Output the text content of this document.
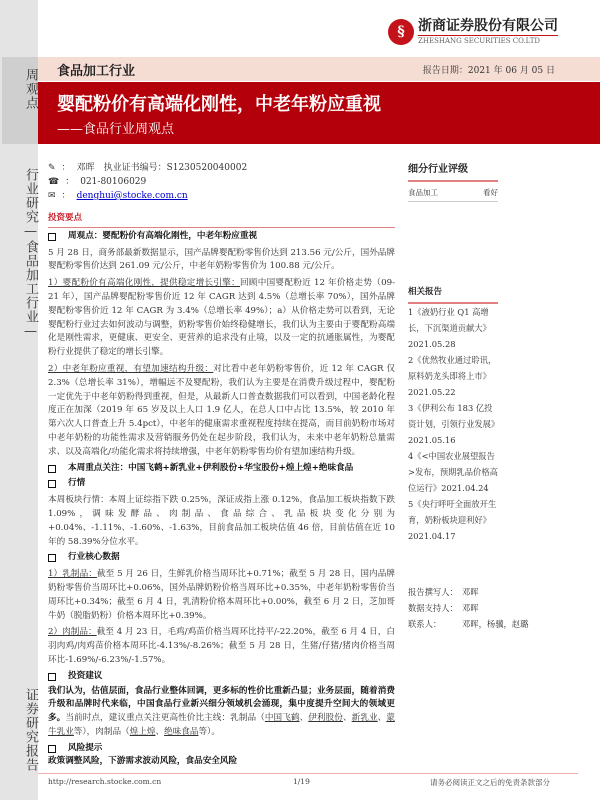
周观点
行业研究—食品加工行业—
证券研究报告
§ 浙商证券股份有限公司
ZHESHANG SECURITIES CO.LTD
食品加工行业	报告日期：2021 年 06 月 05 日
婴配粉价有高端化刚性，中老年粉应重视
——食品行业周观点
✎ ： 邓晖　执业证书编号：S1230520040002
☎ ： 021-80106029
✉ ： denghui@stocke.com.cn
投资要点
周观点：婴配粉价有高端化刚性，中老年粉应重视

5 月 28 日，商务部最新数据显示，国产品牌婴配粉零售价达到 213.56 元/公斤，国外品牌婴配粉零售价达到 261.09 元/公斤，中老年奶粉零售价为 100.88 元/公斤。

1）婴配粉价有高端化刚性，提供稳定增长引擎：回顾中国婴配粉近 12 年价格走势（09-21 年），国产品牌婴配粉零售价近 12 年 CAGR 达到 4.5%（总增长率 70%），国外品牌婴配粉零售价近 12 年 CAGR 为 3.4%（总增长率 49%）；a）从价格走势可以看到，无论婴配粉行业过去如何波动与调整，奶粉零售价始终稳健增长，我们认为主要由于婴配粉高端化是刚性需求，更健康、更安全、更营养的追求没有止境，以及一定的抗通胀属性，为婴配粉行业提供了稳定的增长引擎。

2）中老年粉应重视，有望加速结构升级：对比看中老年奶粉零售价，近 12 年 CAGR 仅 2.3%（总增长率 31%），增幅远不及婴配粉，我们认为主要是在消费升级过程中，婴配粉一定优先于中老年奶粉得到重视，但是，从最新人口普查数据我们可以看到，中国老龄化程度正在加深（2019 年 65 岁及以上人口 1.9 亿人，在总人口中占比 13.5%，较 2010 年第六次人口普查上升 5.4pct），中老年的健康需求重视程度持续在提高，而目前奶粉市场对中老年奶粉的功能性需求及营销服务仍处在起步阶段，我们认为，未来中老年奶粉总量需求、以及高端化/功能化需求将持续增强，中老年奶粉零售均价有望加速结构升级。

本周重点关注：中国飞鹤+新乳业+伊利股份+华宝股份+煌上煌+绝味食品
行情

本周板块行情：本周上证综指下跌 0.25%，深证成指上涨 0.12%，食品加工板块指数下跌 1.09%，调味发酵品、肉制品、食品综合、乳品板块变化分别为+0.04%、-1.11%、-1.60%、-1.63%，目前食品加工板块估值 46 倍，目前估值在近 10 年的 58.39%分位水平。

行业核心数据

1）乳制品：截至 5 月 26 日，生鲜乳价格当周环比+0.71%；截至 5 月 28 日，国内品牌奶粉零售价当周环比+0.06%，国外品牌奶粉价格当周环比+0.35%，中老年奶粉零售价当周环比+0.34%；截至 6 月 4 日，乳清粉价格本周环比+0.00%，截至 6 月 2 日，芝加哥牛奶（脱脂奶粉）价格本周环比+0.39%。

2）肉制品：截至 4 月 23 日，毛鸡/鸡苗价格当周环比持平/-22.20%，截至 6 月 4 日，白羽肉鸡/肉鸡苗价格本周环比-4.13%/-8.26%；截至 5 月 28 日，生猪/仔猪/猪肉价格当周环比-1.69%/-6.23%/-1.57%。

投资建议

我们认为，估值层面，食品行业整体回调，更多标的性价比重新凸显；业务层面，随着消费升级和品牌时代来临，中国食品行业新兴细分领域机会涌现，集中度提升空间大的领域更多。当前时点，建议重点关注更高性价比主线：乳制品（中国飞鹤、伊利股份、新乳业、蒙牛乳业等），肉制品（煌上煌、绝味食品等）。

风险提示

政策调整风险，下游需求波动风险，食品安全风险

细分行业评级
食品加工	看好
相关报告
1《液奶行业 Q1 高增长，下沉渠道贡献大》2021.05.28
2《优然牧业通过聆讯，原料奶龙头即将上市》2021.05.22
3《伊利公布 183 亿投资计划，引领行业发展》2021.05.16
4《<中国农业展望报告>发布，预期乳品价格高位运行》2021.04.24
5《央行呼吁全面放开生育，奶粉板块迎利好》2021.04.17
报告撰写人： 邓晖
数据支持人： 邓晖
联系人：	邓晖，杨骥，赵璐
http://research.stocke.com.cn	1/19	请务必阅读正文之后的免责条款部分
